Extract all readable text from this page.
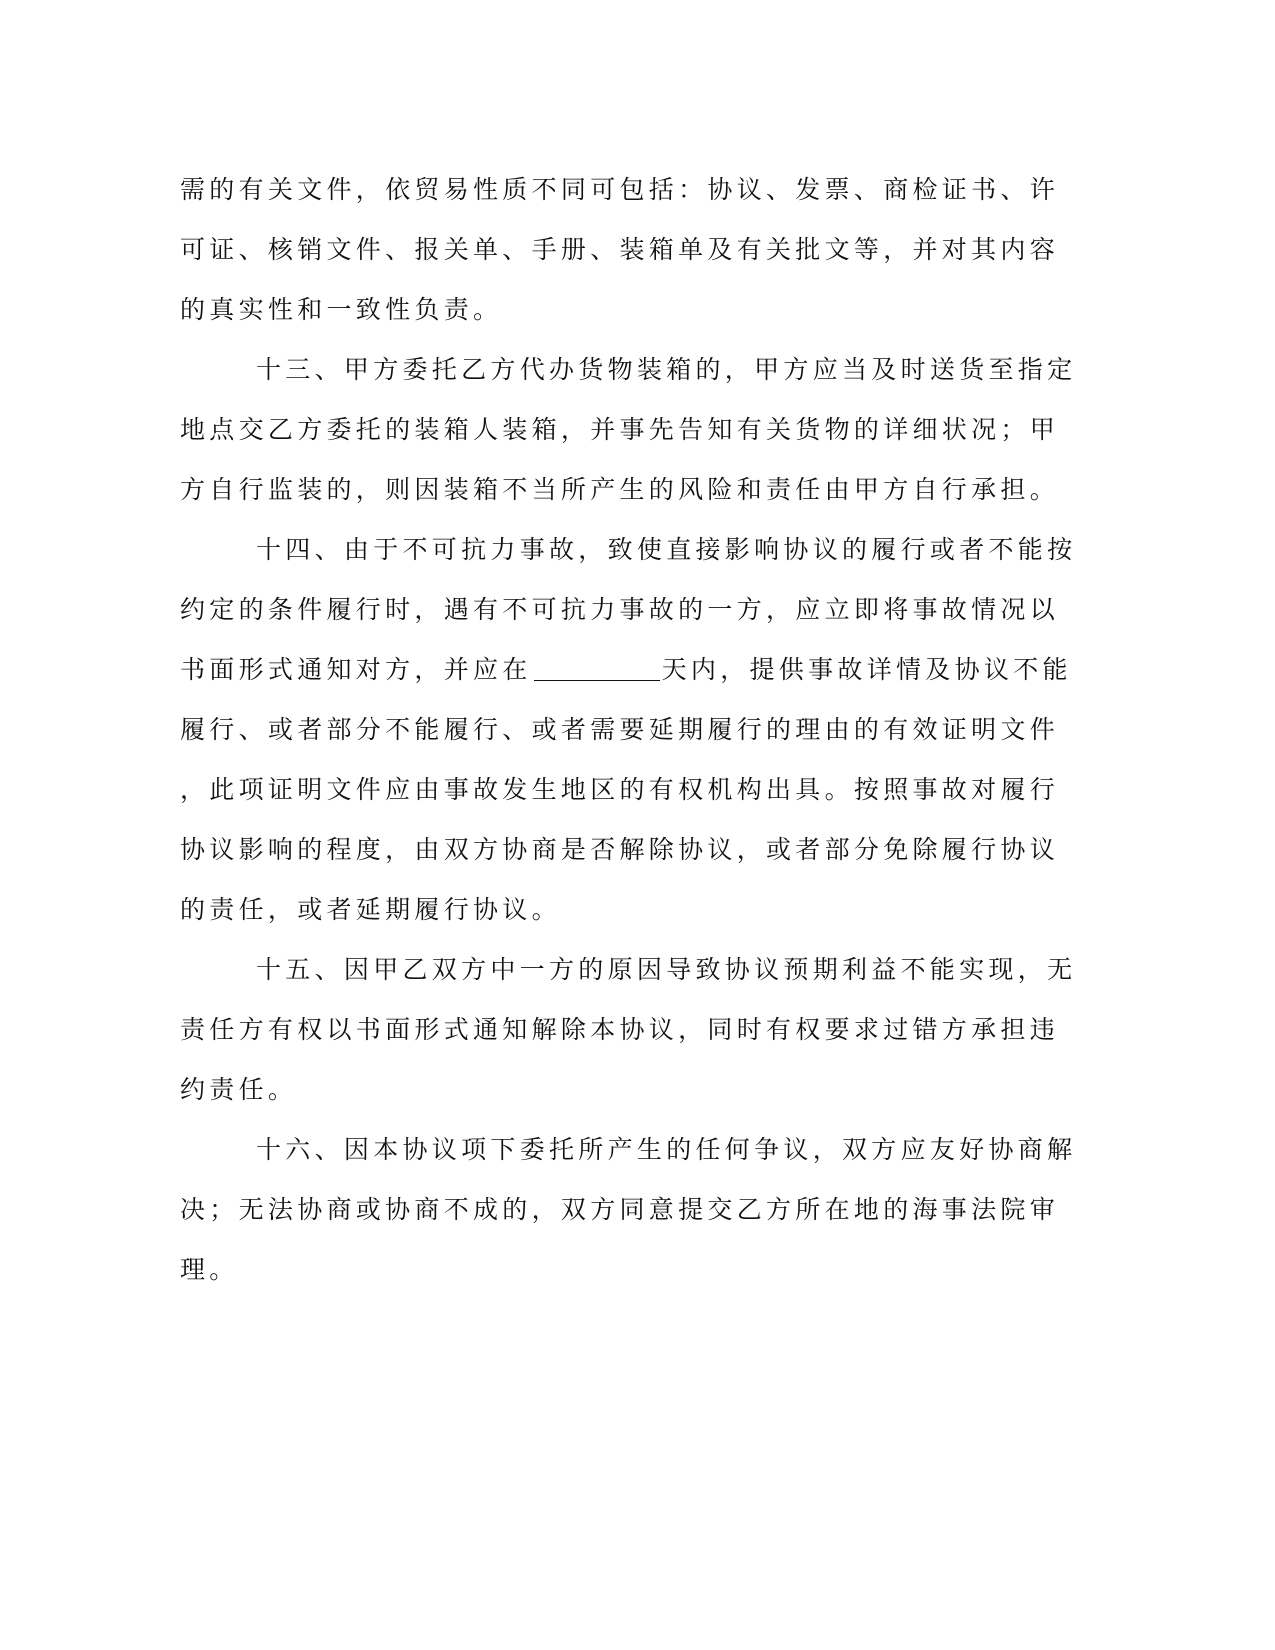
需的有关文件，依贸易性质不同可包括：协议、发票、商检证书、许
可证、核销文件、报关单、手册、装箱单及有关批文等，并对其内容
的真实性和一致性负责。
十三、甲方委托乙方代办货物装箱的，甲方应当及时送货至指定
地点交乙方委托的装箱人装箱，并事先告知有关货物的详细状况；甲
方自行监装的，则因装箱不当所产生的风险和责任由甲方自行承担。
十四、由于不可抗力事故，致使直接影响协议的履行或者不能按
约定的条件履行时，遇有不可抗力事故的一方，应立即将事故情况以
书面形式通知对方，并应在	天内，提供事故详情及协议不能
履行、或者部分不能履行、或者需要延期履行的理由的有效证明文件
，此项证明文件应由事故发生地区的有权机构出具。按照事故对履行
协议影响的程度，由双方协商是否解除协议，或者部分免除履行协议
的责任，或者延期履行协议。
十五、因甲乙双方中一方的原因导致协议预期利益不能实现，无
责任方有权以书面形式通知解除本协议，同时有权要求过错方承担违
约责任。
十六、因本协议项下委托所产生的任何争议，双方应友好协商解
决；无法协商或协商不成的，双方同意提交乙方所在地的海事法院审
理。
